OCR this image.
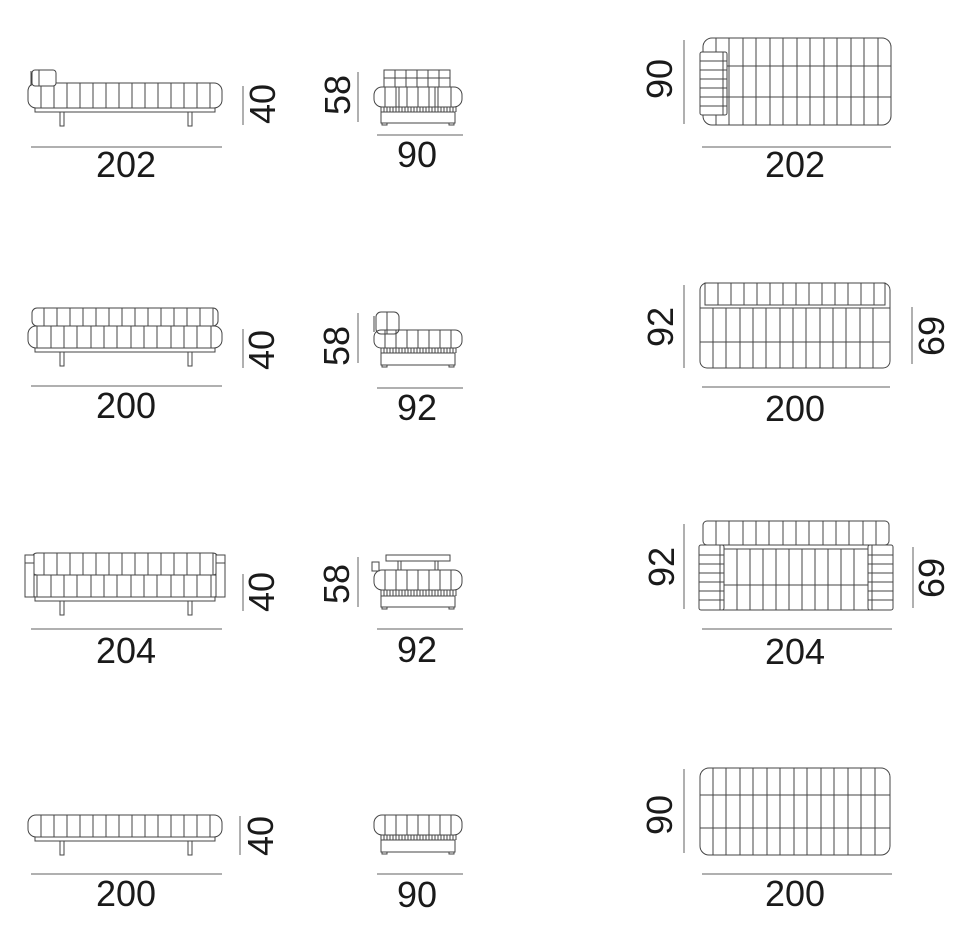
202
40
90
58	90
202
200
40
92
58	92	69
200
204
40
92
58	92	69
204
200
40
90
90
200
